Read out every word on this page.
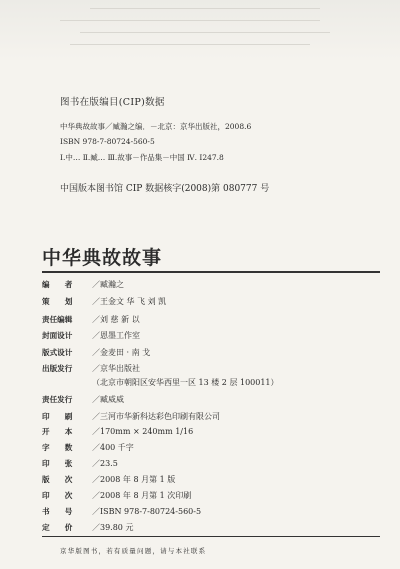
图书在版编目(CIP)数据
中华典故故事／臧瀚之编．－北京：京华出版社，2008.6
ISBN 978-7-80724-560-5
Ⅰ.中… Ⅱ.臧… Ⅲ.故事－作品集－中国 Ⅳ. I247.8
中国版本图书馆 CIP 数据核字(2008)第 080777 号
中华典故故事
编　　者 ／臧瀚之
策　　划 ／王金文 华 飞 刘 凯
责任编辑 ／刘 慈 新 以
封面设计 ／恩墨工作室
版式设计 ／金麦田 · 南 戈
出版发行 ／京华出版社
（北京市朝阳区安华西里一区 13 楼 2 层 100011）
责任发行 ／臧威威
印　　刷 ／三河市华新科达彩色印刷有限公司
开　　本 ／170mm × 240mm 1/16
字　　数 ／400 千字
印　　张 ／23.5
版　　次 ／2008 年 8 月第 1 版
印　　次 ／2008 年 8 月第 1 次印刷
书　　号 ／ISBN 978-7-80724-560-5
定　　价 ／39.80 元
京华版图书，若有质量问题，请与本社联系
